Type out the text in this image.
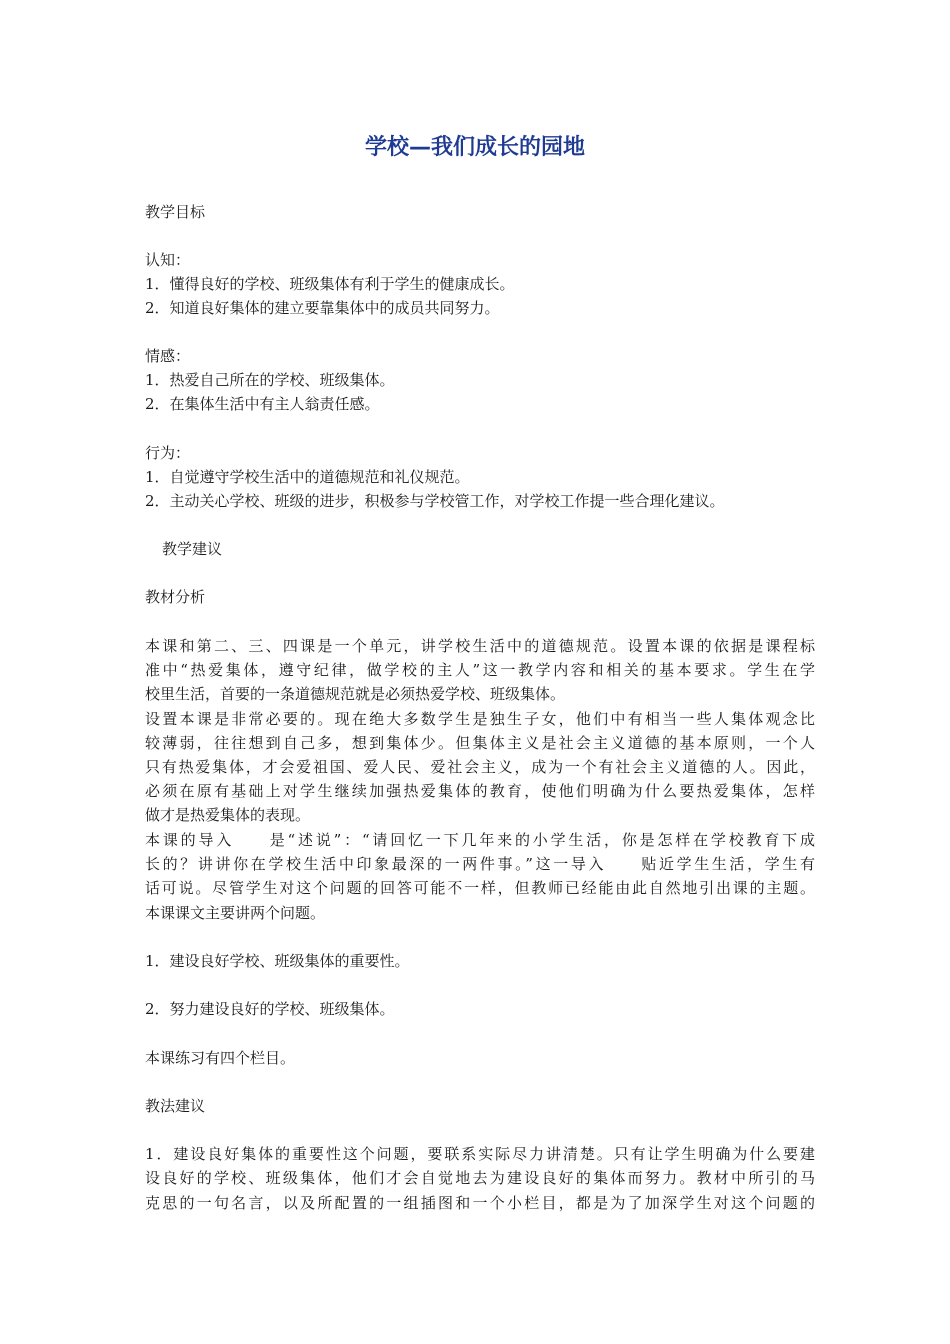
学校—我们成长的园地
教学目标
认知：
1．懂得良好的学校、班级集体有利于学生的健康成长。
2．知道良好集体的建立要靠集体中的成员共同努力。
情感：
1．热爱自己所在的学校、班级集体。
2．在集体生活中有主人翁责任感。
行为：
1．自觉遵守学校生活中的道德规范和礼仪规范。
2．主动关心学校、班级的进步，积极参与学校管工作，对学校工作提一些合理化建议。
教学建议
教材分析
本课和第二、三、四课是一个单元，讲学校生活中的道德规范。设置本课的依据是课程标
准中“热爱集体，遵守纪律，做学校的主人”这一教学内容和相关的基本要求。学生在学
校里生活，首要的一条道德规范就是必须热爱学校、班级集体。
设置本课是非常必要的。现在绝大多数学生是独生子女，他们中有相当一些人集体观念比
较薄弱，往往想到自己多，想到集体少。但集体主义是社会主义道德的基本原则，一个人
只有热爱集体，才会爱祖国、爱人民、爱社会主义，成为一个有社会主义道德的人。因此，
必须在原有基础上对学生继续加强热爱集体的教育，使他们明确为什么要热爱集体，怎样
做才是热爱集体的表现。
本课的导入　　是“述说”：“请回忆一下几年来的小学生活，你是怎样在学校教育下成
长的？讲讲你在学校生活中印象最深的一两件事。”这一导入　　贴近学生生活，学生有
话可说。尽管学生对这个问题的回答可能不一样，但教师已经能由此自然地引出课的主题。
本课课文主要讲两个问题。
1．建设良好学校、班级集体的重要性。
2．努力建设良好的学校、班级集体。
本课练习有四个栏目。
教法建议
1．建设良好集体的重要性这个问题，要联系实际尽力讲清楚。只有让学生明确为什么要建
设良好的学校、班级集体，他们才会自觉地去为建设良好的集体而努力。教材中所引的马
克思的一句名言，以及所配置的一组插图和一个小栏目，都是为了加深学生对这个问题的
